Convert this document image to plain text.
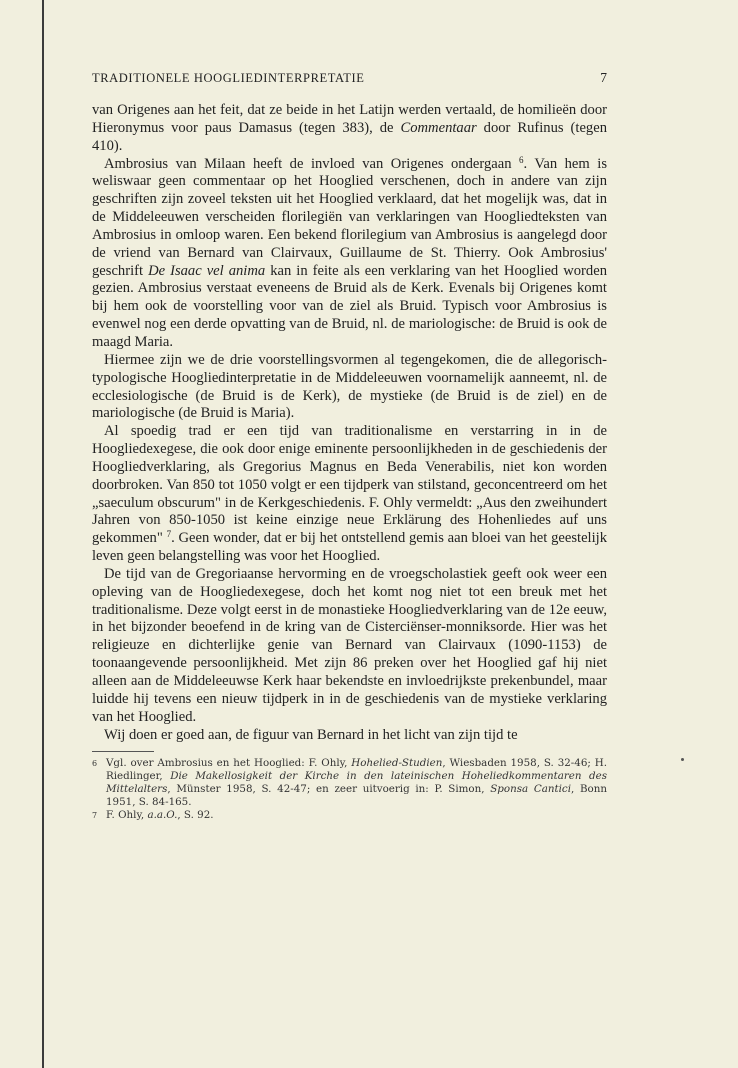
TRADITIONELE HOOGLIEDINTERPRETATIE	7

van Origenes aan het feit, dat ze beide in het Latijn werden vertaald, de homilieën door Hieronymus voor paus Damasus (tegen 383), de Commentaar door Rufinus (tegen 410).

Ambrosius van Milaan heeft de invloed van Origenes ondergaan $^6$. Van hem is weliswaar geen commentaar op het Hooglied verschenen, doch in andere van zijn geschriften zijn zoveel teksten uit het Hooglied verklaard, dat het mogelijk was, dat in de Middeleeuwen verscheiden florilegiën van verklaringen van Hoogliedteksten van Ambrosius in omloop waren. Een bekend florilegium van Ambrosius is aangelegd door de vriend van Bernard van Clairvaux, Guillaume de St. Thierry. Ook Ambrosius' geschrift De Isaac vel anima kan in feite als een verklaring van het Hooglied worden gezien. Ambrosius verstaat eveneens de Bruid als de Kerk. Evenals bij Origenes komt bij hem ook de voorstelling voor van de ziel als Bruid. Typisch voor Ambrosius is evenwel nog een derde opvatting van de Bruid, nl. de mariologische: de Bruid is ook de maagd Maria.

Hiermee zijn we de drie voorstellingsvormen al tegengekomen, die de allegorisch-typologische Hoogliedinterpretatie in de Middeleeuwen voornamelijk aanneemt, nl. de ecclesiologische (de Bruid is de Kerk), de mystieke (de Bruid is de ziel) en de mariologische (de Bruid is Maria).

Al spoedig trad er een tijd van traditionalisme en verstarring in in de Hoogliedexegese, die ook door enige eminente persoonlijkheden in de geschiedenis der Hoogliedverklaring, als Gregorius Magnus en Beda Venerabilis, niet kon worden doorbroken. Van 850 tot 1050 volgt er een tijdperk van stilstand, geconcentreerd om het „saeculum obscurum" in de Kerkgeschiedenis. F. Ohly vermeldt: „Aus den zweihundert Jahren von 850-1050 ist keine einzige neue Erklärung des Hohenliedes auf uns gekommen" $^7$. Geen wonder, dat er bij het ontstellend gemis aan bloei van het geestelijk leven geen belangstelling was voor het Hooglied.

De tijd van de Gregoriaanse hervorming en de vroegscholastiek geeft ook weer een opleving van de Hoogliedexegese, doch het komt nog niet tot een breuk met het traditionalisme. Deze volgt eerst in de monastieke Hoogliedverklaring van de 12e eeuw, in het bijzonder beoefend in de kring van de Cisterciënser-monniksorde. Hier was het religieuze en dichterlijke genie van Bernard van Clairvaux (1090-1153) de toonaangevende persoonlijkheid. Met zijn 86 preken over het Hooglied gaf hij niet alleen aan de Middeleeuwse Kerk haar bekendste en invloedrijkste prekenbundel, maar luidde hij tevens een nieuw tijdperk in in de geschiedenis van de mystieke verklaring van het Hooglied.

Wij doen er goed aan, de figuur van Bernard in het licht van zijn tijd te

6 Vgl. over Ambrosius en het Hooglied: F. Ohly, Hohelied-Studien, Wiesbaden 1958, S. 32-46; H. Riedlinger, Die Makellosigkeit der Kirche in den lateinischen Hoheliedkommentaren des Mittelalters, Münster 1958, S. 42-47; en zeer uitvoerig in: P. Simon, Sponsa Cantici, Bonn 1951, S. 84-165.
7 F. Ohly, a.a.O., S. 92.
